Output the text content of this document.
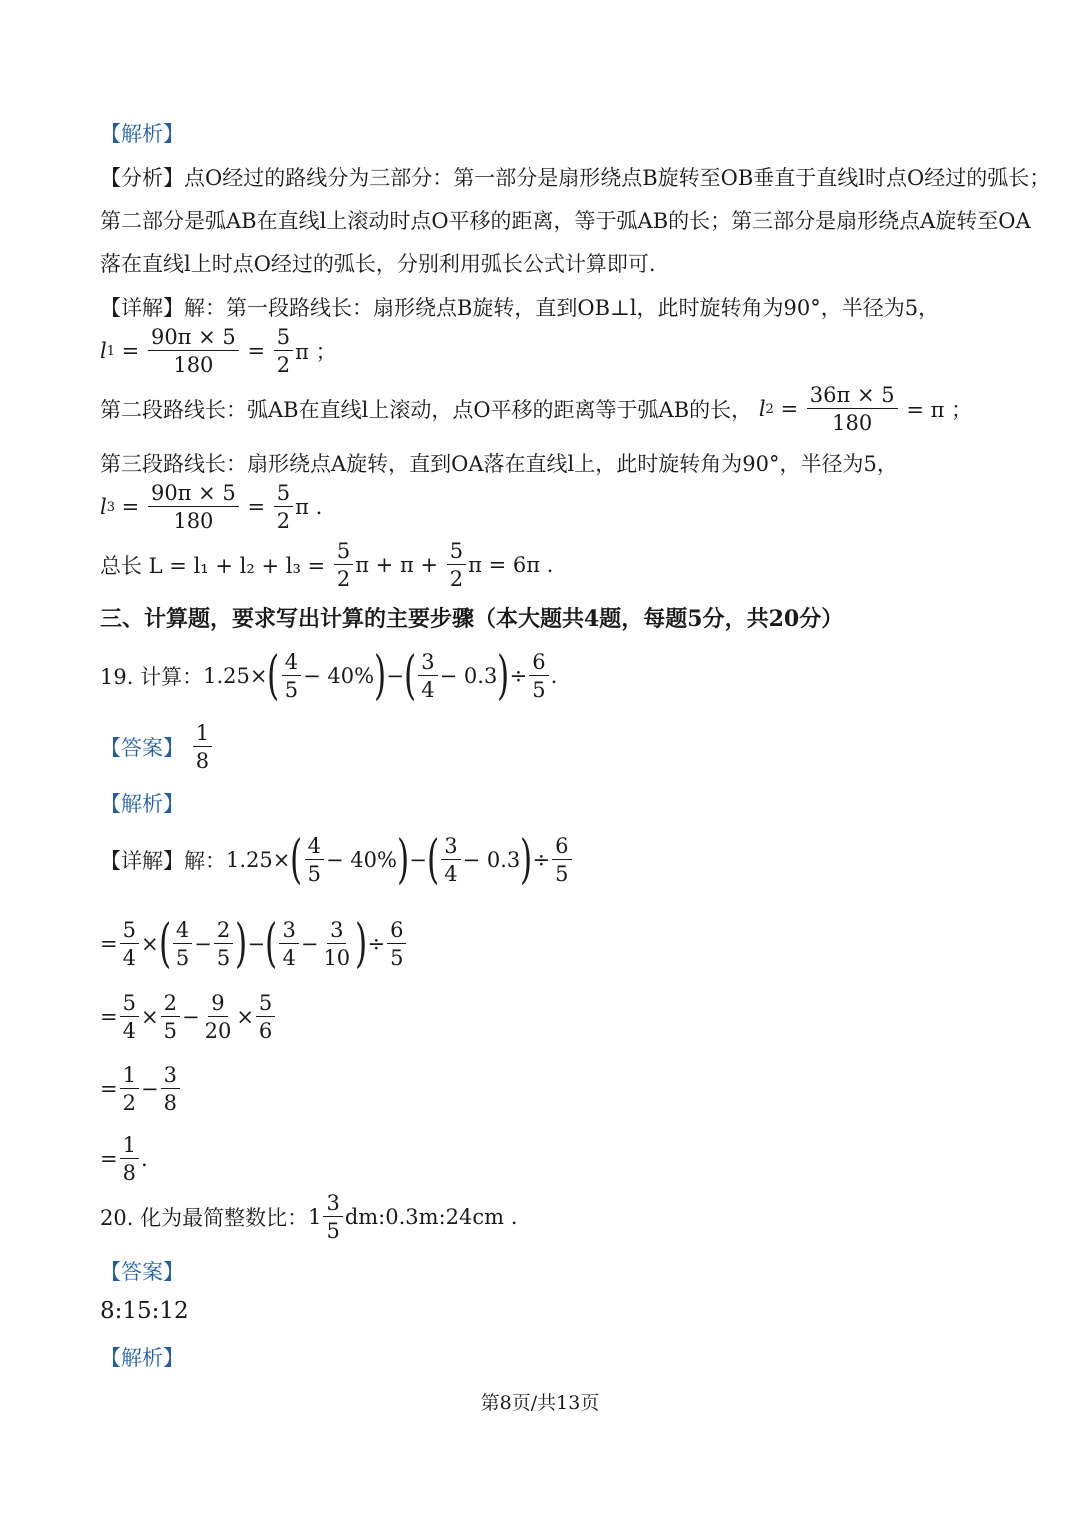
【解析】
【分析】点O经过的路线分为三部分：第一部分是扇形绕点B旋转至OB垂直于直线l时点O经过的弧长；
第二部分是弧AB在直线l上滚动时点O平移的距离，等于弧AB的长；第三部分是扇形绕点A旋转至OA
落在直线l上时点O经过的弧长，分别利用弧长公式计算即可.
【详解】解：第一段路线长：扇形绕点B旋转，直到OB⊥l，此时旋转角为90°，半径为5，
l $1 = \frac{90\pi \times 5}{180} = \frac{5}{2}$ π ；
第二段路线长：弧AB在直线l上滚动，点O平移的距离等于弧AB的长，
l $2 = \frac{36\pi \times 5}{180}$
= π ；
第三段路线长：扇形绕点A旋转，直到OA落在直线l上，此时旋转角为90°，半径为5，
l $3 = \frac{90\pi \times 5}{180} = \frac{5}{2}$ π .
总长 L = l₁ + l₂ + l₃ =
$\frac{5}{2}$ π + π +
$\frac{5}{2}$ π = 6π .
三、计算题，要求写出计算的主要步骤（本大题共4题，每题5分，共20分）
19. 计算： 1.25× ( $\frac{4}{5} - 40\%$ ) − ( $\frac{3}{4} - 0.3$ ) ÷ $\frac{6}{5}$ .
【答案】
$\frac{1}{8}$
【解析】
【详解】解： 1.25× ( $\frac{4}{5} - 40\%$ ) − ( $\frac{3}{4} - 0.3$ ) ÷ $\frac{6}{5}$
= $\frac{5}{4}$ × ( $\frac{4}{5} - \frac{2}{5}$ ) − ( $\frac{3}{4} - \frac{3}{10}$ ) ÷ $\frac{6}{5}$
= $\frac{5}{4} \times \frac{2}{5} - \frac{9}{20} \times \frac{5}{6}$
= $\frac{1}{2} - \frac{3}{8}$
= $\frac{1}{8}$ .
20. 化为最简整数比： $1 \frac{3}{5}$ dm:0.3m:24cm .
【答案】
8:15:12
【解析】
第8页/共13页
